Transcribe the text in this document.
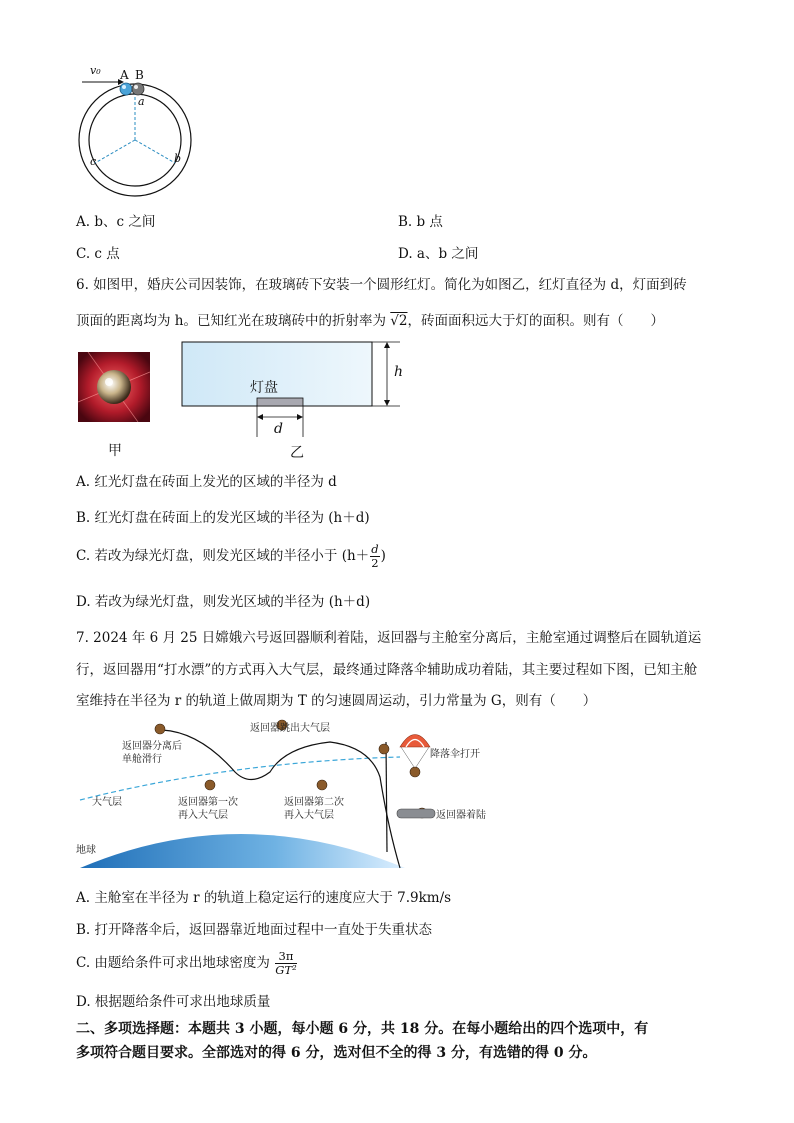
v₀ A B
a
c	b
A. b、c 之间	B. b 点
C. c 点	D. a、b 之间
6. 如图甲，婚庆公司因装饰，在玻璃砖下安装一个圆形红灯。简化为如图乙，红灯直径为 d，灯面到砖
顶面的距离均为 h。已知红光在玻璃砖中的折射率为 √2，砖面面积远大于灯的面积。则有（　　）
甲
灯盘
h
d
乙
A. 红光灯盘在砖面上发光的区域的半径为 d
B. 红光灯盘在砖面上的发光区域的半径为 (h＋d)
C. 若改为绿光灯盘，则发光区域的半径小于 ($h+ \frac{d}{2}$ )
D. 若改为绿光灯盘，则发光区域的半径为 (h＋d)
7. 2024 年 6 月 25 日嫦娥六号返回器顺利着陆，返回器与主舱室分离后，主舱室通过调整后在圆轨道运
行，返回器用“打水漂”的方式再入大气层，最终通过降落伞辅助成功着陆，其主要过程如下图，已知主舱
室维持在半径为 r 的轨道上做周期为 T 的匀速圆周运动，引力常量为 G，则有（　　）
返回器分离后
单舱滑行
返回器跳出大气层
降落伞打开
大气层	返回器第一次
再入大气层
返回器第二次
再入大气层	返回器着陆
地球
A. 主舱室在半径为 r 的轨道上稳定运行的速度应大于 7.9km/s
B. 打开降落伞后，返回器靠近地面过程中一直处于失重状态
C. 由题给条件可求出地球密度为 $\frac{3\pi}{\text{GT²}}$
D. 根据题给条件可求出地球质量
二、多项选择题：本题共 3 小题，每小题 6 分，共 18 分。在每小题给出的四个选项中，有
多项符合题目要求。全部选对的得 6 分，选对但不全的得 3 分，有选错的得 0 分。
